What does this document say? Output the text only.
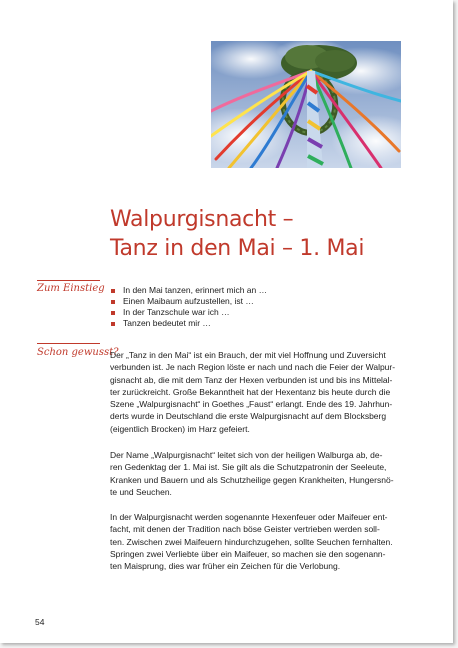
Walpurgisnacht –
Tanz in den Mai – 1. Mai
Zum Einstieg	In den Mai tanzen, erinnert mich an …
Einen Maibaum aufzustellen, ist …
In der Tanzschule war ich …
Tanzen bedeutet mir …
Schon gewusst?
Der „Tanz in den Mai“ ist ein Brauch, der mit viel Hoffnung und Zuversicht
verbunden ist. Je nach Region löste er nach und nach die Feier der Walpur-
gisnacht ab, die mit dem Tanz der Hexen verbunden ist und bis ins Mittelal-
ter zurückreicht. Große Bekanntheit hat der Hexentanz bis heute durch die
Szene „Walpurgisnacht“ in Goethes „Faust“ erlangt. Ende des 19. Jahrhun-
derts wurde in Deutschland die erste Walpurgisnacht auf dem Blocksberg
(eigentlich Brocken) im Harz gefeiert.
Der Name „Walpurgisnacht“ leitet sich von der heiligen Walburga ab, de-
ren Gedenktag der 1. Mai ist. Sie gilt als die Schutzpatronin der Seeleute,
Kranken und Bauern und als Schutzheilige gegen Krankheiten, Hungersnö-
te und Seuchen.
In der Walpurgisnacht werden sogenannte Hexenfeuer oder Maifeuer ent-
facht, mit denen der Tradition nach böse Geister vertrieben werden soll-
ten. Zwischen zwei Maifeuern hindurchzugehen, sollte Seuchen fernhalten.
Springen zwei Verliebte über ein Maifeuer, so machen sie den sogenann-
ten Maisprung, dies war früher ein Zeichen für die Verlobung.
54
